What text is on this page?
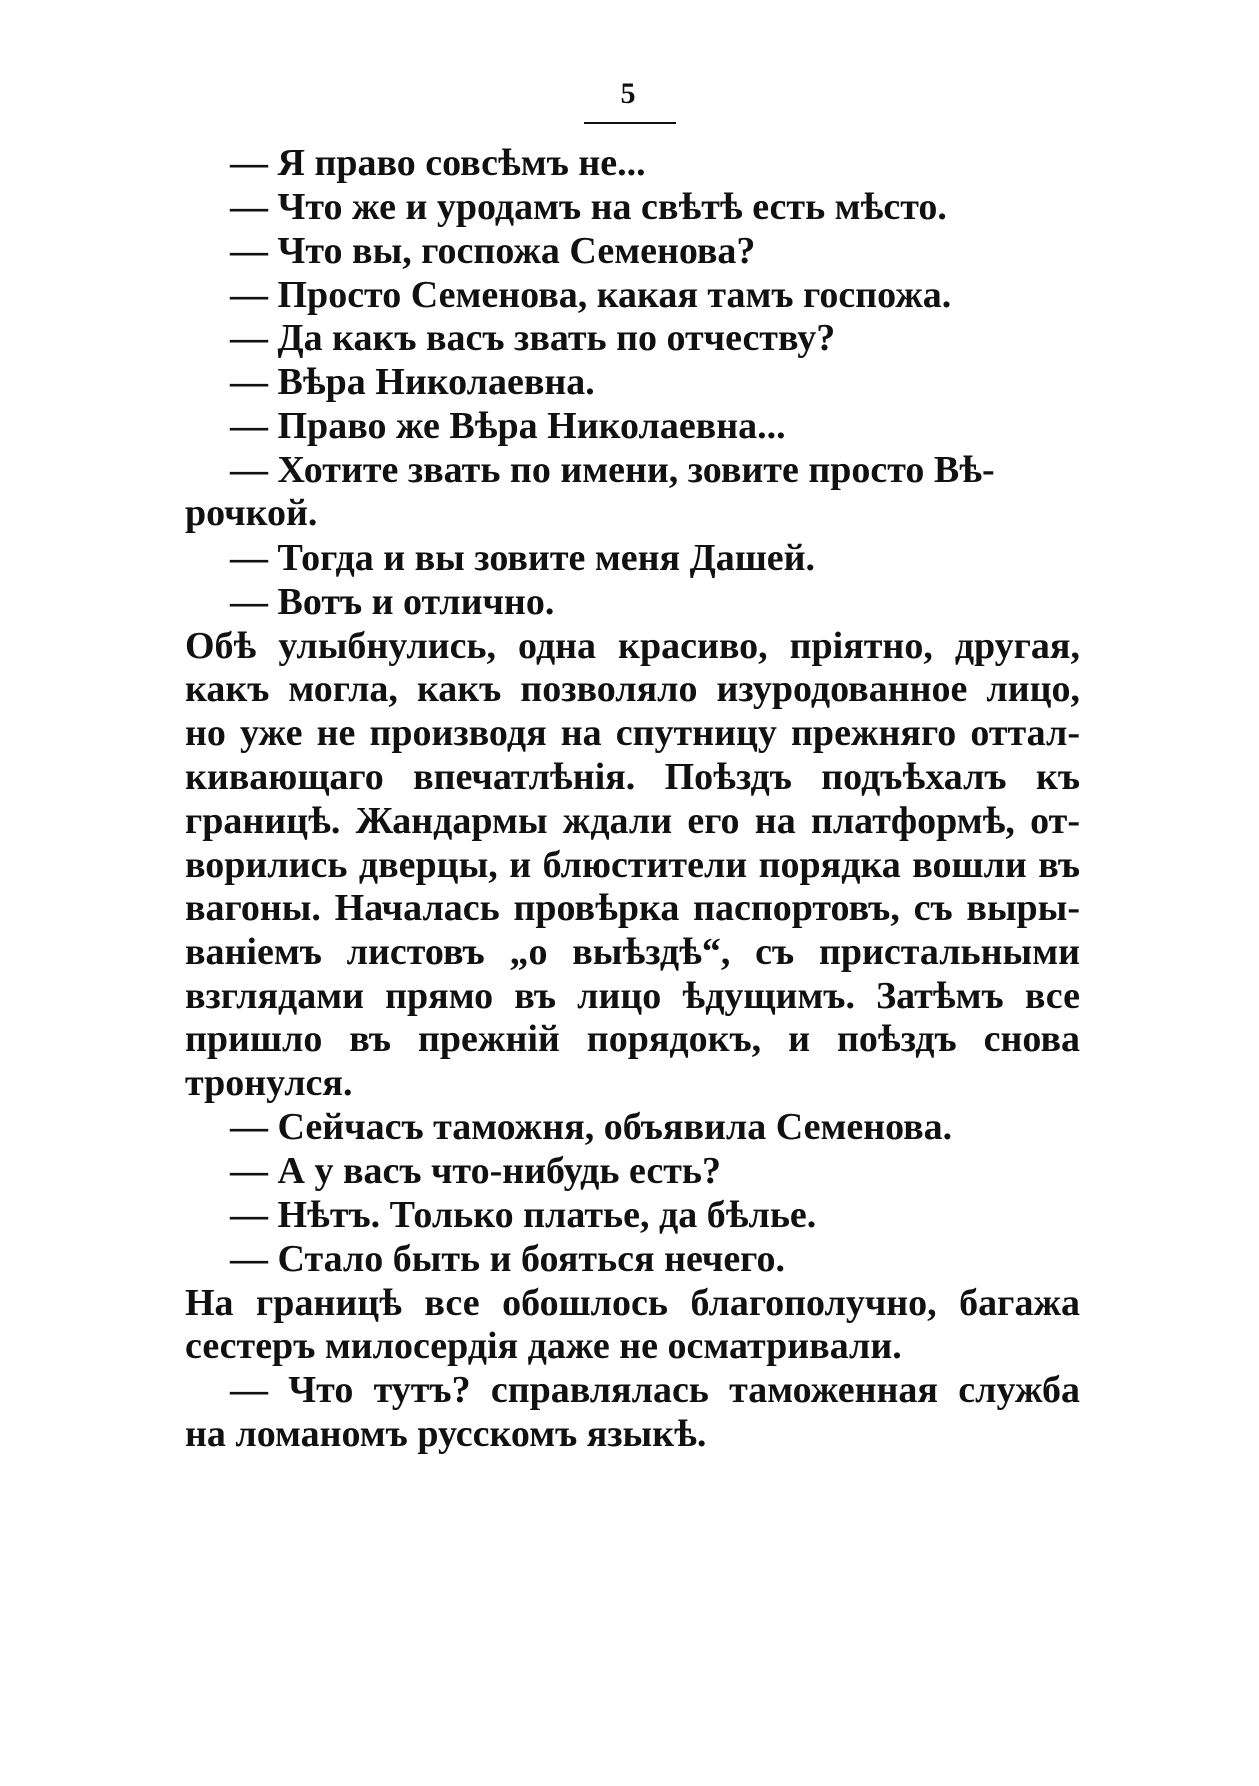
5
— Я право совсѣмъ не...
— Что же и уродамъ на свѣтѣ есть мѣсто.
— Что вы, госпожа Семенова?
— Просто Семенова, какая тамъ госпожа.
— Да какъ васъ звать по отчеству?
— Вѣра Николаевна.
— Право же Вѣра Николаевна...
— Хотите звать по имени, зовите просто Вѣ-
рочкой.
— Тогда и вы зовите меня Дашей.
— Вотъ и отлично.
Обѣ улыбнулись, одна красиво, пріятно, другая,
какъ могла, какъ позволяло изуродованное лицо,
но уже не производя на спутницу прежняго оттал-
кивающаго впечатлѣнія. Поѣздъ подъѣхалъ къ
границѣ. Жандармы ждали его на платформѣ, от-
ворились дверцы, и блюстители порядка вошли въ
вагоны. Началась провѣрка паспортовъ, съ выры-
ваніемъ листовъ „о выѣздѣ“, съ пристальными
взглядами прямо въ лицо ѣдущимъ. Затѣмъ все
пришло въ прежній порядокъ, и поѣздъ снова
тронулся.
— Сейчасъ таможня, объявила Семенова.
— А у васъ что-нибудь есть?
— Нѣтъ. Только платье, да бѣлье.
— Стало быть и бояться нечего.
На границѣ все обошлось благополучно, багажа
сестеръ милосердія даже не осматривали.
— Что тутъ? справлялась таможенная служба
на ломаномъ русскомъ языкѣ.
